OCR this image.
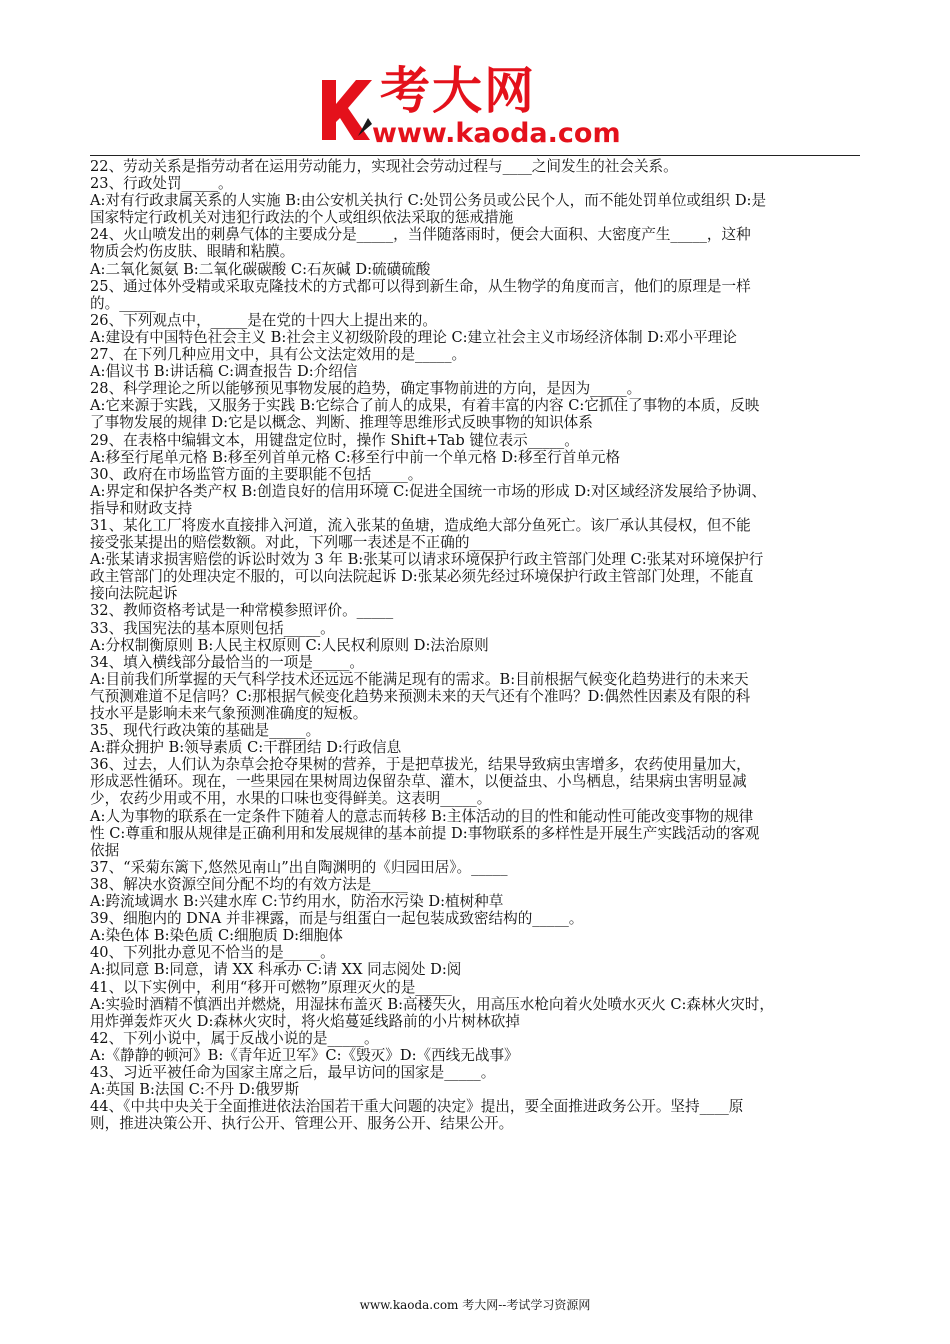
考大网
www.kaoda.com
22、劳动关系是指劳动者在运用劳动能力，实现社会劳动过程与____之间发生的社会关系。
23、行政处罚_____。
A:对有行政隶属关系的人实施 B:由公安机关执行 C:处罚公务员或公民个人，而不能处罚单位或组织 D:是
国家特定行政机关对违犯行政法的个人或组织依法采取的惩戒措施
24、火山喷发出的刺鼻气体的主要成分是_____，当伴随落雨时，便会大面积、大密度产生_____，这种
物质会灼伤皮肤、眼睛和粘膜。
A:二氧化氮氨 B:二氧化碳碳酸 C:石灰碱 D:硫磺硫酸
25、通过体外受精或采取克隆技术的方式都可以得到新生命，从生物学的角度而言，他们的原理是一样
的。_____
26、下列观点中，_____是在党的十四大上提出来的。
A:建设有中国特色社会主义 B:社会主义初级阶段的理论 C:建立社会主义市场经济体制 D:邓小平理论
27、在下列几种应用文中，具有公文法定效用的是_____。
A:倡议书 B:讲话稿 C:调查报告 D:介绍信
28、科学理论之所以能够预见事物发展的趋势，确定事物前进的方向，是因为_____。
A:它来源于实践，又服务于实践 B:它综合了前人的成果，有着丰富的内容 C:它抓住了事物的本质，反映
了事物发展的规律 D:它是以概念、判断、推理等思维形式反映事物的知识体系
29、在表格中编辑文本，用键盘定位时，操作 Shift+Tab 键位表示_____。
A:移至行尾单元格 B:移至列首单元格 C:移至行中前一个单元格 D:移至行首单元格
30、政府在市场监管方面的主要职能不包括_____。
A:界定和保护各类产权 B:创造良好的信用环境 C:促进全国统一市场的形成 D:对区域经济发展给予协调、
指导和财政支持
31、某化工厂将废水直接排入河道，流入张某的鱼塘，造成绝大部分鱼死亡。该厂承认其侵权，但不能
接受张某提出的赔偿数额。对此，下列哪一表述是不正确的_____
A:张某请求损害赔偿的诉讼时效为 3 年 B:张某可以请求环境保护行政主管部门处理 C:张某对环境保护行
政主管部门的处理决定不服的，可以向法院起诉 D:张某必须先经过环境保护行政主管部门处理，不能直
接向法院起诉
32、教师资格考试是一种常模参照评价。_____
33、我国宪法的基本原则包括_____。
A:分权制衡原则 B:人民主权原则 C:人民权利原则 D:法治原则
34、填入横线部分最恰当的一项是_____。
A:目前我们所掌握的天气科学技术还远远不能满足现有的需求。B:目前根据气候变化趋势进行的未来天
气预测难道不足信吗？C:那根据气候变化趋势来预测未来的天气还有个准吗？D:偶然性因素及有限的科
技水平是影响未来气象预测准确度的短板。
35、现代行政决策的基础是_____。
A:群众拥护 B:领导素质 C:干群团结 D:行政信息
36、过去，人们认为杂草会抢夺果树的营养，于是把草拔光，结果导致病虫害增多，农药使用量加大，
形成恶性循环。现在，一些果园在果树周边保留杂草、灌木，以便益虫、小鸟栖息，结果病虫害明显减
少，农药少用或不用，水果的口味也变得鲜美。这表明_____。
A:人为事物的联系在一定条件下随着人的意志而转移 B:主体活动的目的性和能动性可能改变事物的规律
性 C:尊重和服从规律是正确利用和发展规律的基本前提 D:事物联系的多样性是开展生产实践活动的客观
依据
37、“采菊东篱下,悠然见南山”出自陶渊明的《归园田居》。_____
38、解决水资源空间分配不均的有效方法是_____
A:跨流域调水 B:兴建水库 C:节约用水，防治水污染 D:植树种草
39、细胞内的 DNA 并非裸露，而是与组蛋白一起包装成致密结构的_____。
A:染色体 B:染色质 C:细胞质 D:细胞体
40、下列批办意见不恰当的是_____。
A:拟同意 B:同意，请 XX 科承办 C:请 XX 同志阅处 D:阅
41、以下实例中，利用“移开可燃物”原理灭火的是_____
A:实验时酒精不慎洒出并燃烧，用湿抹布盖灭 B:高楼失火，用高压水枪向着火处喷水灭火 C:森林火灾时，
用炸弹轰炸灭火 D:森林火灾时，将火焰蔓延线路前的小片树林砍掉
42、下列小说中，属于反战小说的是_____。
A:《静静的顿河》B:《青年近卫军》C:《毁灭》D:《西线无战事》
43、习近平被任命为国家主席之后，最早访问的国家是_____。
A:英国 B:法国 C:不丹 D:俄罗斯
44、《中共中央关于全面推进依法治国若干重大问题的决定》提出，要全面推进政务公开。坚持____原
则，推进决策公开、执行公开、管理公开、服务公开、结果公开。
www.kaoda.com 考大网--考试学习资源网
